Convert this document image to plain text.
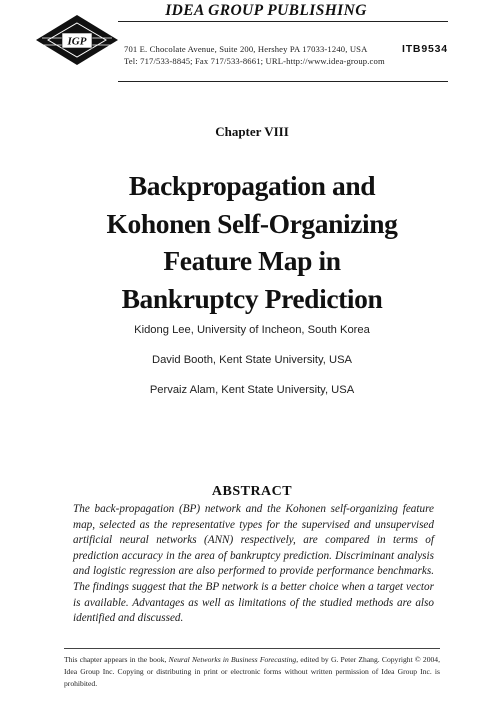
IGP
IDEA GROUP PUBLISHING
701 E. Chocolate Avenue, Suite 200, Hershey PA 17033-1240, USA
Tel: 717/533-8845; Fax 717/533-8661; URL-http://www.idea-group.com
ITB9534
Chapter VIII
Backpropagation and
Kohonen Self-Organizing
Feature Map in
Bankruptcy Prediction
Kidong Lee, University of Incheon, South Korea
David Booth, Kent State University, USA
Pervaiz Alam, Kent State University, USA
ABSTRACT
The back-propagation (BP) network and the Kohonen self-organizing feature map, selected as the representative types for the supervised and unsupervised artificial neural networks (ANN) respectively, are compared in terms of prediction accuracy in the area of bankruptcy prediction. Discriminant analysis and logistic regression are also performed to provide performance benchmarks. The findings suggest that the BP network is a better choice when a target vector is available. Advantages as well as limitations of the studied methods are also identified and discussed.
This chapter appears in the book, Neural Networks in Business Forecasting, edited by G. Peter Zhang. Copyright © 2004, Idea Group Inc. Copying or distributing in print or electronic forms without written permission of Idea Group Inc. is prohibited.
